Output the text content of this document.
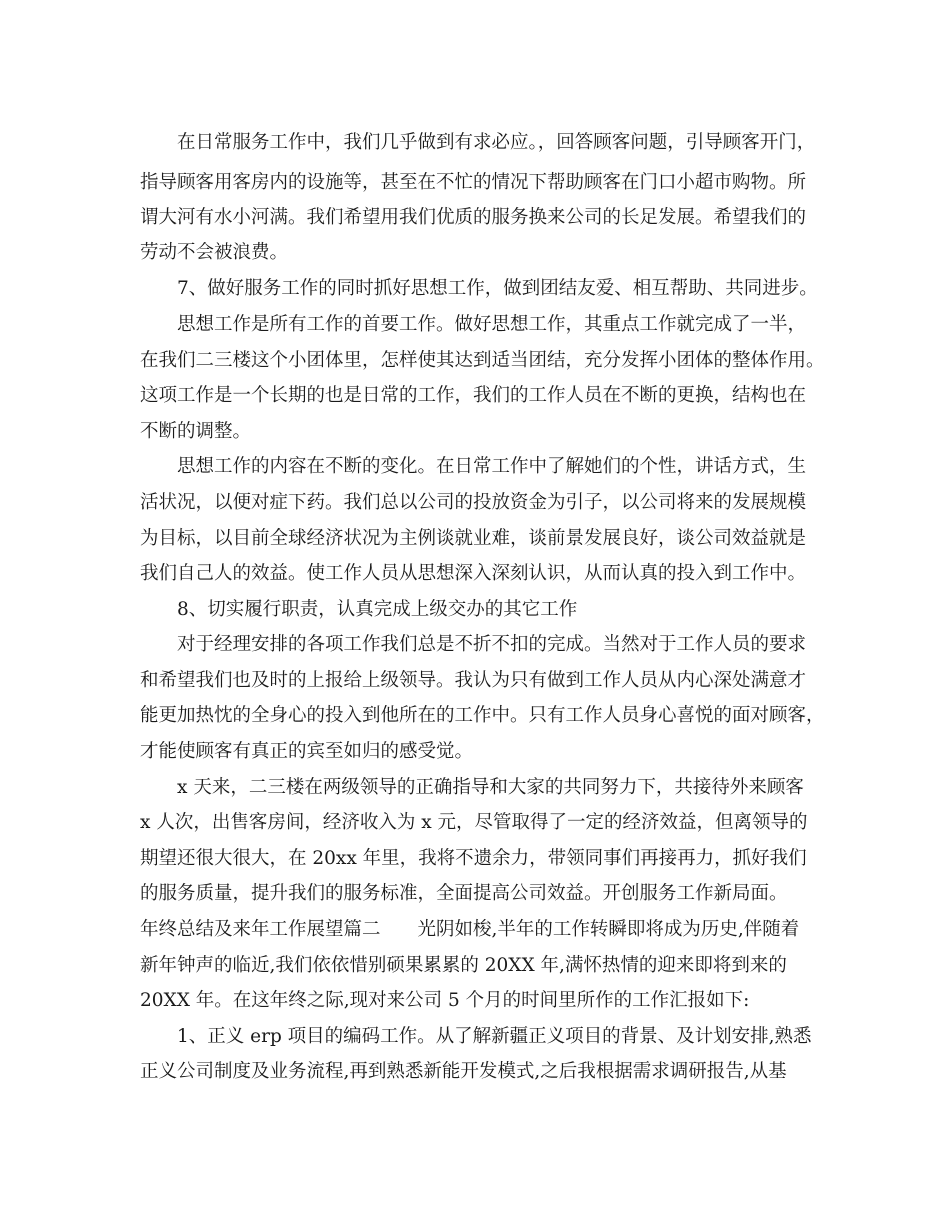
在日常服务工作中，我们几乎做到有求必应。，回答顾客问题，引导顾客开门，

指导顾客用客房内的设施等，甚至在不忙的情况下帮助顾客在门口小超市购物。所

谓大河有水小河满。我们希望用我们优质的服务换来公司的长足发展。希望我们的

劳动不会被浪费。

7、做好服务工作的同时抓好思想工作，做到团结友爱、相互帮助、共同进步。

思想工作是所有工作的首要工作。做好思想工作，其重点工作就完成了一半，

在我们二三楼这个小团体里，怎样使其达到适当团结，充分发挥小团体的整体作用。

这项工作是一个长期的也是日常的工作，我们的工作人员在不断的更换，结构也在

不断的调整。

思想工作的内容在不断的变化。在日常工作中了解她们的个性，讲话方式，生

活状况，以便对症下药。我们总以公司的投放资金为引子，以公司将来的发展规模

为目标，以目前全球经济状况为主例谈就业难，谈前景发展良好，谈公司效益就是

我们自己人的效益。使工作人员从思想深入深刻认识，从而认真的投入到工作中。

8、切实履行职责，认真完成上级交办的其它工作

对于经理安排的各项工作我们总是不折不扣的完成。当然对于工作人员的要求

和希望我们也及时的上报给上级领导。我认为只有做到工作人员从内心深处满意才

能更加热忱的全身心的投入到他所在的工作中。只有工作人员身心喜悦的面对顾客，

才能使顾客有真正的宾至如归的感受觉。

x 天来，二三楼在两级领导的正确指导和大家的共同努力下，共接待外来顾客

x 人次，出售客房间，经济收入为 x 元，尽管取得了一定的经济效益，但离领导的

期望还很大很大，在 20xx 年里，我将不遗余力，带领同事们再接再力，抓好我们

的服务质量，提升我们的服务标准，全面提高公司效益。开创服务工作新局面。

年终总结及来年工作展望篇二　　光阴如梭,半年的工作转瞬即将成为历史,伴随着

新年钟声的临近,我们依依惜别硕果累累的 20XX 年,满怀热情的迎来即将到来的

20XX 年。在这年终之际,现对来公司 5 个月的时间里所作的工作汇报如下:

1、正义 erp 项目的编码工作。从了解新疆正义项目的背景、及计划安排,熟悉

正义公司制度及业务流程,再到熟悉新能开发模式,之后我根据需求调研报告,从基
